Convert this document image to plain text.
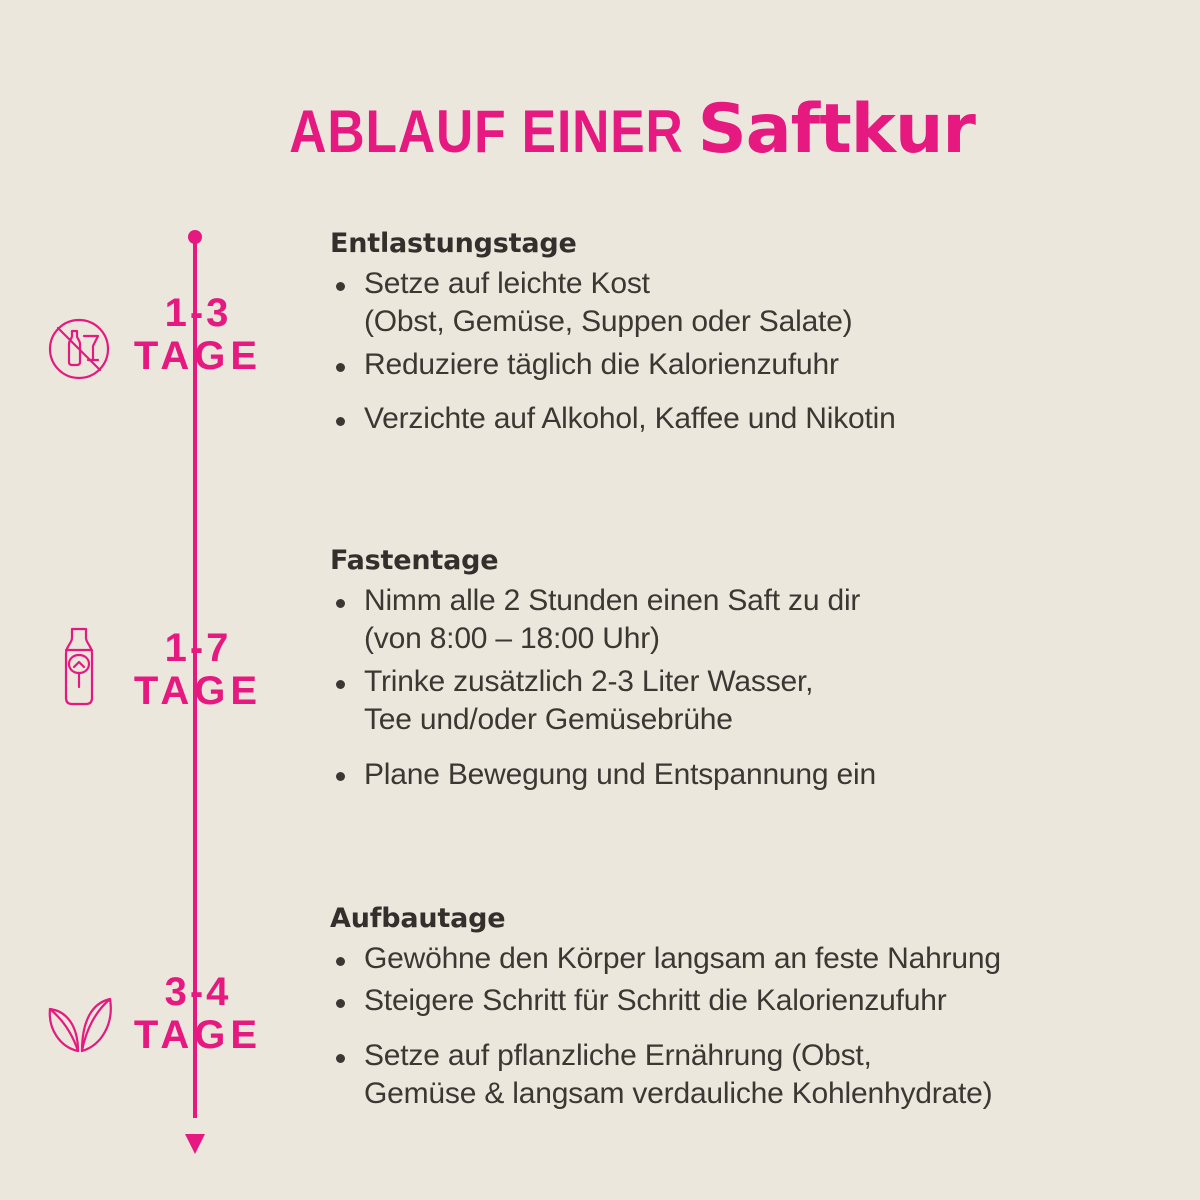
ABLAUF EINER Saftkur
1-3
TAGE
Entlastungstage
Setze auf leichte Kost
(Obst, Gemüse, Suppen oder Salate)
Reduziere täglich die Kalorienzufuhr
Verzichte auf Alkohol, Kaffee und Nikotin
1-7
TAGE
Fastentage
Nimm alle 2 Stunden einen Saft zu dir
(von 8:00 – 18:00 Uhr)
Trinke zusätzlich 2-3 Liter Wasser,
Tee und/oder Gemüsebrühe
Plane Bewegung und Entspannung ein
3-4
TAGE
Aufbautage
Gewöhne den Körper langsam an feste Nahrung
Steigere Schritt für Schritt die Kalorienzufuhr
Setze auf pflanzliche Ernährung (Obst,
Gemüse & langsam verdauliche Kohlenhydrate)
